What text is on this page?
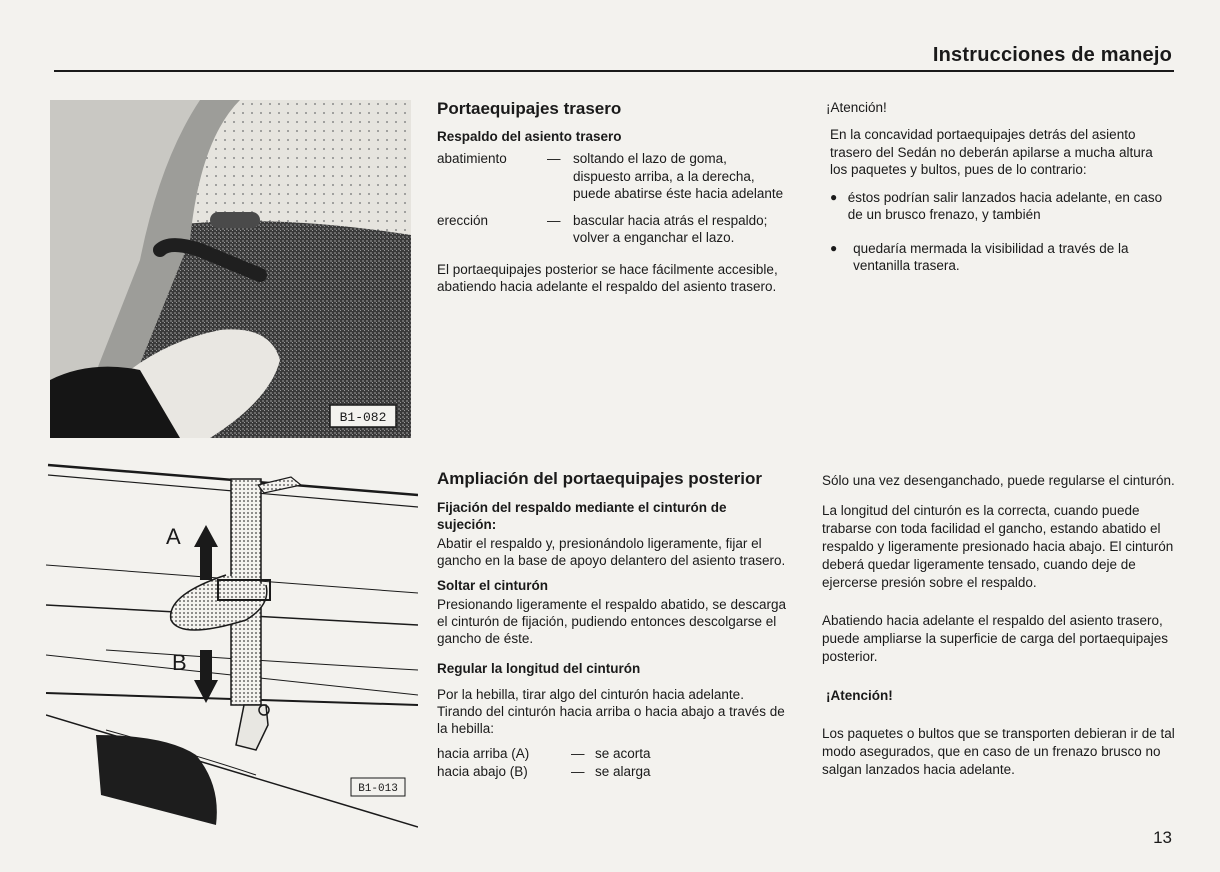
Instrucciones de manejo
B1-082
Portaequipajes trasero
Respaldo del asiento trasero
abatimiento	— soltando el lazo de goma, dispuesto arriba, a la derecha, puede abatirse éste hacia adelante
erección	— bascular hacia atrás el respaldo; volver a enganchar el lazo.

El portaequipajes posterior se hace fácilmente accesible, abatiendo hacia adelante el respaldo del asiento trasero.

¡Atención!

En la concavidad portaequipajes detrás del asiento trasero del Sedán no deberán apilarse a mucha altura los paquetes y bultos, pues de lo contrario:

● éstos podrían salir lanzados hacia adelante, en caso de un brusco frenazo, y también
●	quedaría mermada la visibilidad a través de la ventanilla trasera.
A
B
B1-013
Ampliación del portaequipajes posterior
Fijación del respaldo mediante el cinturón de sujeción:

Abatir el respaldo y, presionándolo ligeramente, fijar el gancho en la base de apoyo delantero del asiento trasero.

Soltar el cinturón

Presionando ligeramente el respaldo abatido, se descarga el cinturón de fijación, pudiendo entonces descolgarse el gancho de éste.

Regular la longitud del cinturón

Por la hebilla, tirar algo del cinturón hacia adelante. Tirando del cinturón hacia arriba o hacia abajo a través de la hebilla:

hacia arriba (A)	— se acorta
hacia abajo (B)	— se alarga

Sólo una vez desenganchado, puede regularse el cinturón.

La longitud del cinturón es la correcta, cuando puede trabarse con toda facilidad el gancho, estando abatido el respaldo y ligeramente presionado hacia abajo. El cinturón deberá quedar ligeramente tensado, cuando deje de ejercerse presión sobre el respaldo.

Abatiendo hacia adelante el respaldo del asiento trasero, puede ampliarse la superficie de carga del portaequipajes posterior.

¡Atención!

Los paquetes o bultos que se transporten debieran ir de tal modo asegurados, que en caso de un frenazo brusco no salgan lanzados hacia adelante.

13
